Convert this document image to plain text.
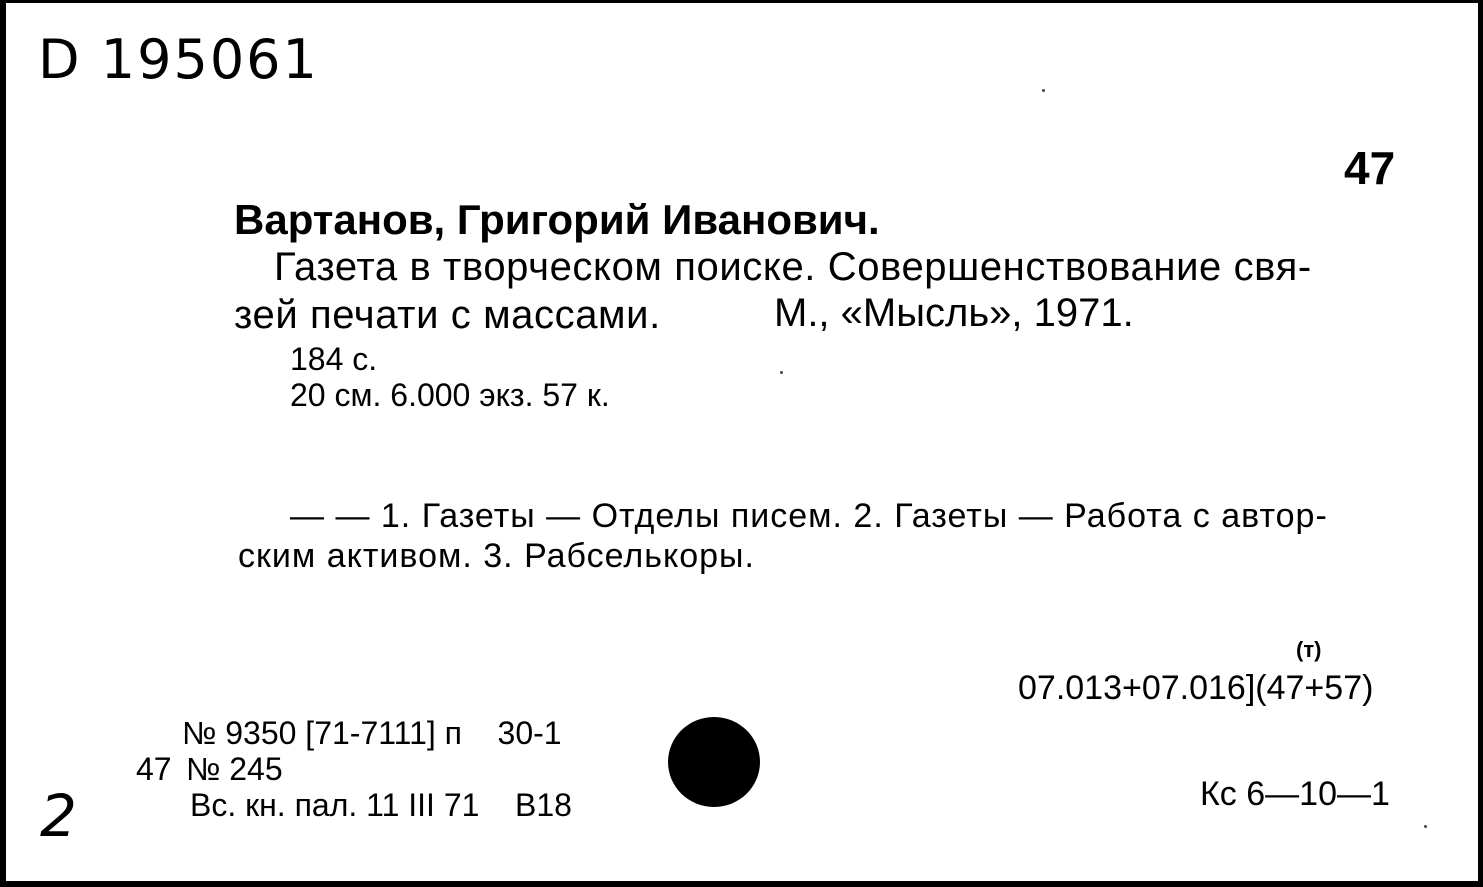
D 195061
47
Вартанов, Григорий Иванович.
Газета в творческом поиске. Совершенствование свя-
зей печати с массами.	М., «Мысль», 1971.
184 с.
20 см. 6.000 экз. 57 к.
— — 1. Газеты — Отделы писем. 2. Газеты — Работа с автор-
ским активом. 3. Рабселькоры.
(т)
07.013+07.016](47+57)
№ 9350 [71-7111] п    30-1
47 № 245
Вс. кн. пал. 11 III 71    В18	Кс 6—10—1
2
